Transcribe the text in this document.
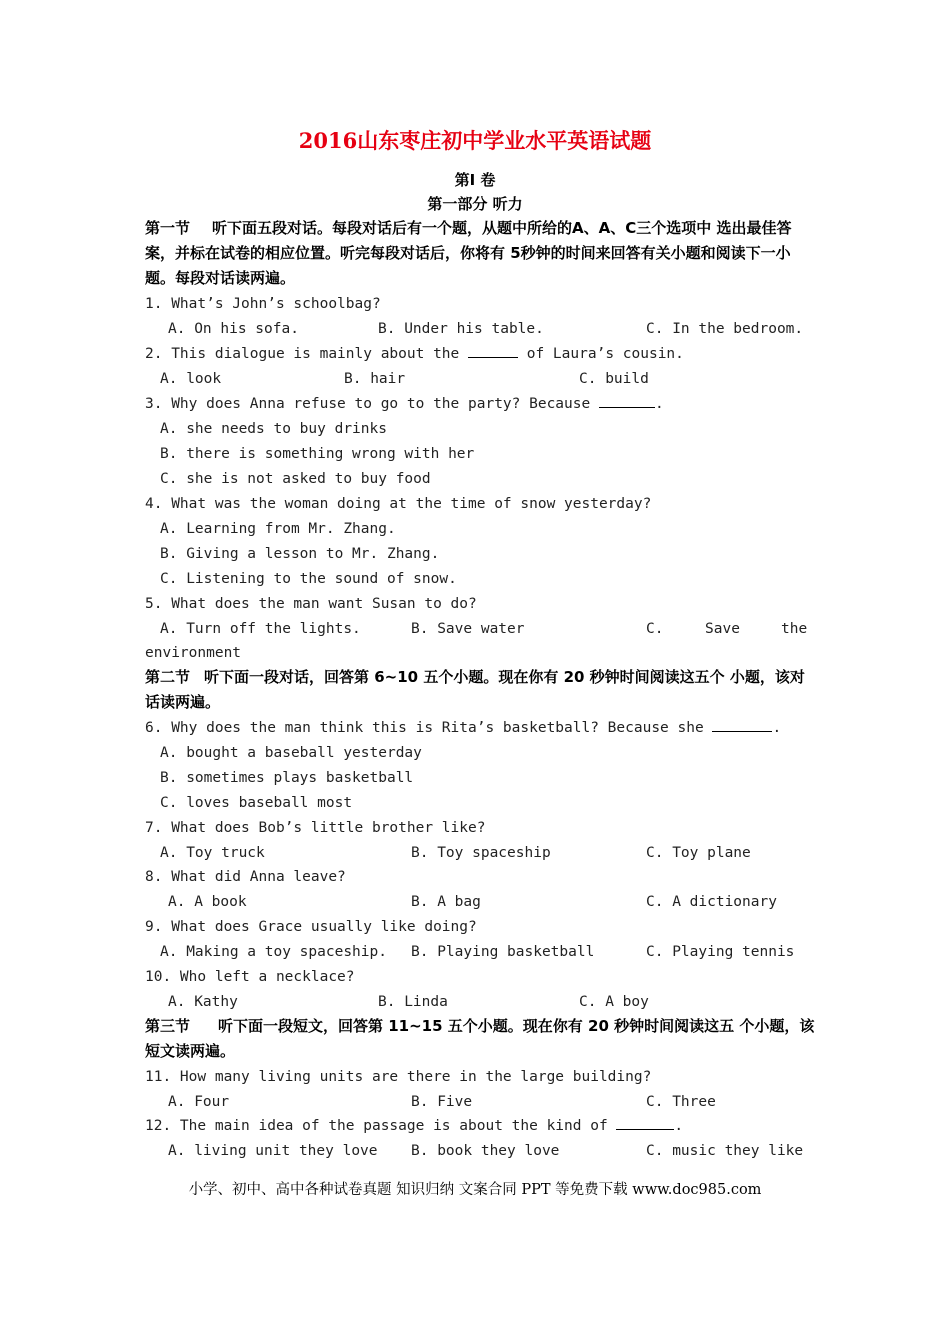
2016山东枣庄初中学业水平英语试题
第I 卷
第一部分 听力
第一节 听下面五段对话。每段对话后有一个题，从题中所给的A、A、C三个选项中 选出最佳答案，并标在试卷的相应位置。听完每段对话后，你将有 5秒钟的时间来回答有关小题和阅读下一小题。每段对话读两遍。
1. What’s John’s schoolbag?
A. On his sofa.	B. Under his table.	C. In the bedroom.
2. This dialogue is mainly about the	of Laura’s cousin.
A. look	B. hair	C. build
3. Why does Anna refuse to go to the party? Because	.
A. she needs to buy drinks
B. there is something wrong with her
C. she is not asked to buy food
4. What was the woman doing at the time of snow yesterday?
A. Learning from Mr. Zhang.
B. Giving a lesson to Mr. Zhang.
C. Listening to the sound of snow.
5. What does the man want Susan to do?
A. Turn off the lights.	B. Save water	C.	Save	the
environment
第二节 听下面一段对话，回答第 6~10 五个小题。现在你有 20 秒钟时间阅读这五个 小题，该对话读两遍。
6. Why does the man think this is Rita’s basketball? Because she	.
A. bought a baseball yesterday
B. sometimes plays basketball
C. loves baseball most
7. What does Bob’s little brother like?
A. Toy truck	B. Toy spaceship	C. Toy plane
8. What did Anna leave?
A. A book	B. A bag	C. A dictionary
9. What does Grace usually like doing?
A. Making a toy spaceship. B. Playing basketball	C. Playing tennis
10. Who left a necklace?
A. Kathy	B. Linda	C. A boy
第三节 听下面一段短文，回答第 11~15 五个小题。现在你有 20 秒钟时间阅读这五 个小题，该短文读两遍。
11. How many living units are there in the large building?
A. Four	B. Five	C. Three
12. The main idea of the passage is about the kind of	.
A. living unit they love B. book they love	C. music they like
小学、初中、高中各种试卷真题 知识归纳 文案合同 PPT 等免费下载 www.doc985.com
